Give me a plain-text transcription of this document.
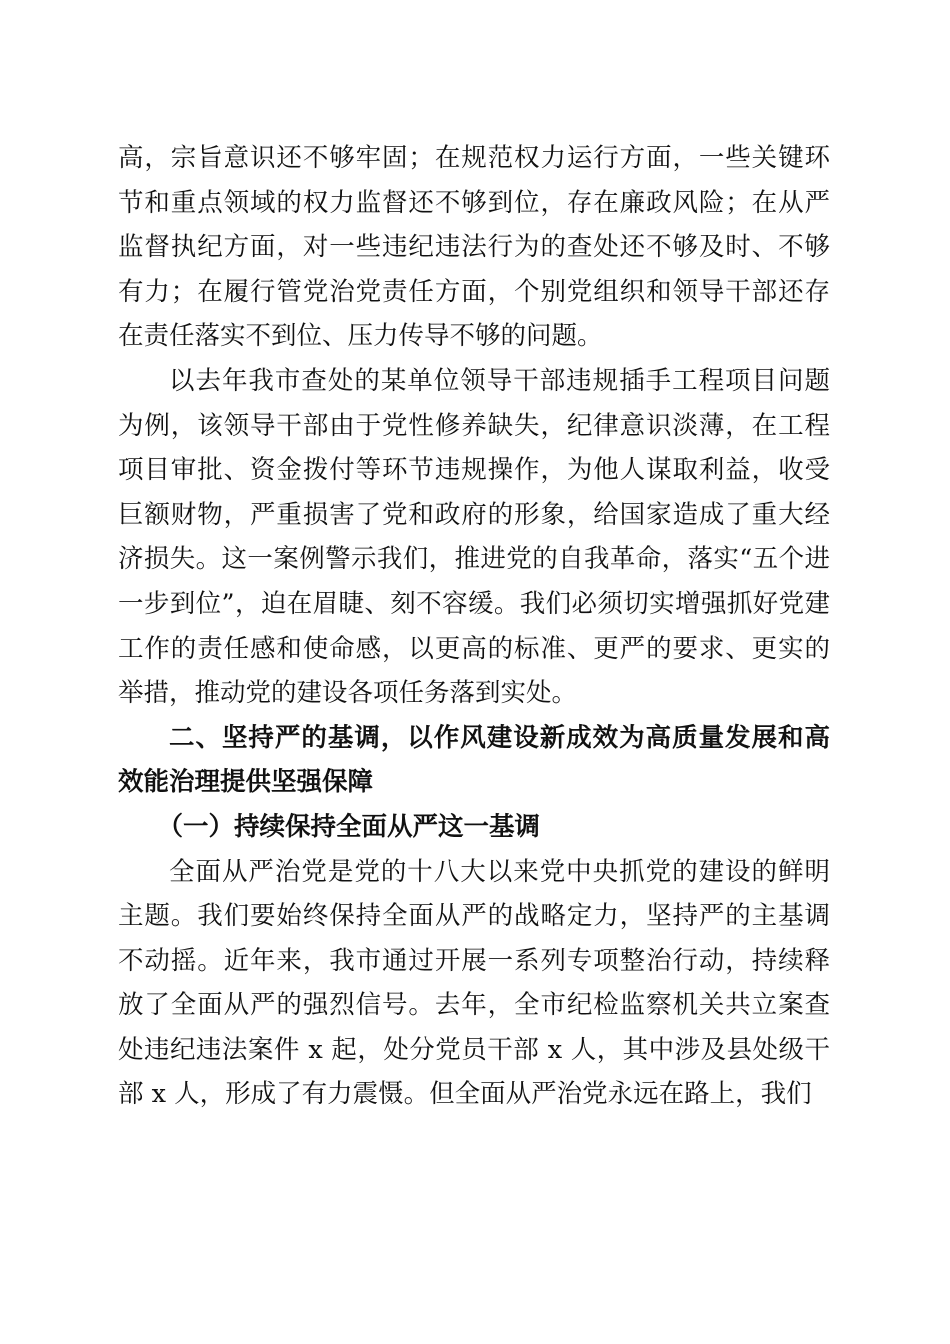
高，宗旨意识还不够牢固；在规范权力运行方面，一些关键环节和重点领域的权力监督还不够到位，存在廉政风险；在从严监督执纪方面，对一些违纪违法行为的查处还不够及时、不够有力；在履行管党治党责任方面，个别党组织和领导干部还存在责任落实不到位、压力传导不够的问题。

以去年我市查处的某单位领导干部违规插手工程项目问题为例，该领导干部由于党性修养缺失，纪律意识淡薄，在工程项目审批、资金拨付等环节违规操作，为他人谋取利益，收受巨额财物，严重损害了党和政府的形象，给国家造成了重大经济损失。这一案例警示我们，推进党的自我革命，落实“五个进一步到位”，迫在眉睫、刻不容缓。我们必须切实增强抓好党建工作的责任感和使命感，以更高的标准、更严的要求、更实的举措，推动党的建设各项任务落到实处。

二、坚持严的基调，以作风建设新成效为高质量发展和高效能治理提供坚强保障

（一）持续保持全面从严这一基调

全面从严治党是党的十八大以来党中央抓党的建设的鲜明主题。我们要始终保持全面从严的战略定力，坚持严的主基调不动摇。近年来，我市通过开展一系列专项整治行动，持续释放了全面从严的强烈信号。去年，全市纪检监察机关共立案查处违纪违法案件 x 起，处分党员干部 x 人，其中涉及县处级干部 x 人，形成了有力震慑。但全面从严治党永远在路上，我们
